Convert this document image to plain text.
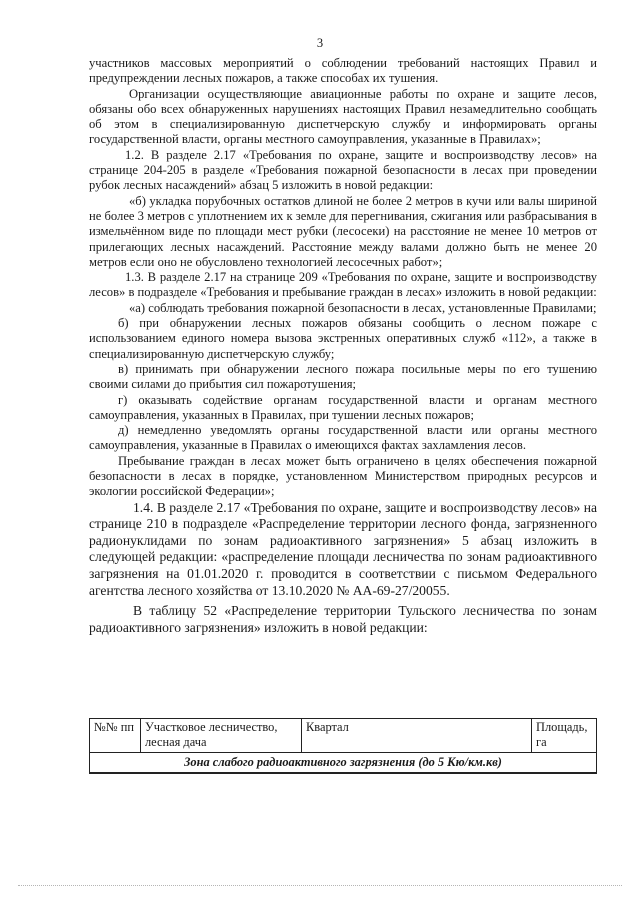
3

участников массовых мероприятий о соблюдении требований настоящих Правил и предупреждении лесных пожаров, а также способах их тушения.

Организации осуществляющие авиационные работы по охране и защите лесов, обязаны обо всех обнаруженных нарушениях настоящих Правил незамедлительно сообщать об этом в специализированную диспетчерскую службу и информировать органы государственной власти, органы местного самоуправления, указанные в Правилах»;

1.2. В разделе 2.17 «Требования по охране, защите и воспроизводству лесов» на странице 204-205 в разделе «Требования пожарной безопасности в лесах при проведении рубок лесных насаждений» абзац 5 изложить в новой редакции:

«б) укладка порубочных остатков длиной не более 2 метров в кучи или валы шириной не более 3 метров с уплотнением их к земле для перегнивания, сжигания или разбрасывания в измельчённом виде по площади мест рубки (лесосеки) на расстояние не менее 10 метров от прилегающих лесных насаждений. Расстояние между валами должно быть не менее 20 метров если оно не обусловлено технологией лесосечных работ»;

1.3. В разделе 2.17 на странице 209 «Требования по охране, защите и воспроизводству лесов» в подразделе «Требования и пребывание граждан в лесах» изложить в новой редакции:

«а) соблюдать требования пожарной безопасности в лесах, установленные Правилами;

б) при обнаружении лесных пожаров обязаны сообщить о лесном пожаре с использованием единого номера вызова экстренных оперативных служб «112», а также в специализированную диспетчерскую службу;

в) принимать при обнаружении лесного пожара посильные меры по его тушению своими силами до прибытия сил пожаротушения;

г) оказывать содействие органам государственной власти и органам местного самоуправления, указанных в Правилах, при тушении лесных пожаров;

д) немедленно уведомлять органы государственной власти или органы местного самоуправления, указанные в Правилах о имеющихся фактах захламления лесов.

Пребывание граждан в лесах может быть ограничено в целях обеспечения пожарной безопасности в лесах в порядке, установленном Министерством природных ресурсов и экологии российской Федерации»;

1.4. В разделе 2.17 «Требования по охране, защите и воспроизводству лесов» на странице 210 в подразделе «Распределение территории лесного фонда, загрязненного радионуклидами по зонам радиоактивного загрязнения» 5 абзац изложить в следующей редакции: «распределение площади лесничества по зонам радиоактивного загрязнения на 01.01.2020 г. проводится в соответствии с письмом Федерального агентства лесного хозяйства от 13.10.2020 № АА-69-27/20055.

В таблицу 52 «Распределение территории Тульского лесничества по зонам радиоактивного загрязнения» изложить в новой редакции:

№№ пп	Участковое лесничество, лесная дача	Квартал	Площадь, га
Зона слабого радиоактивного загрязнения (до 5 Кю/км.кв)
